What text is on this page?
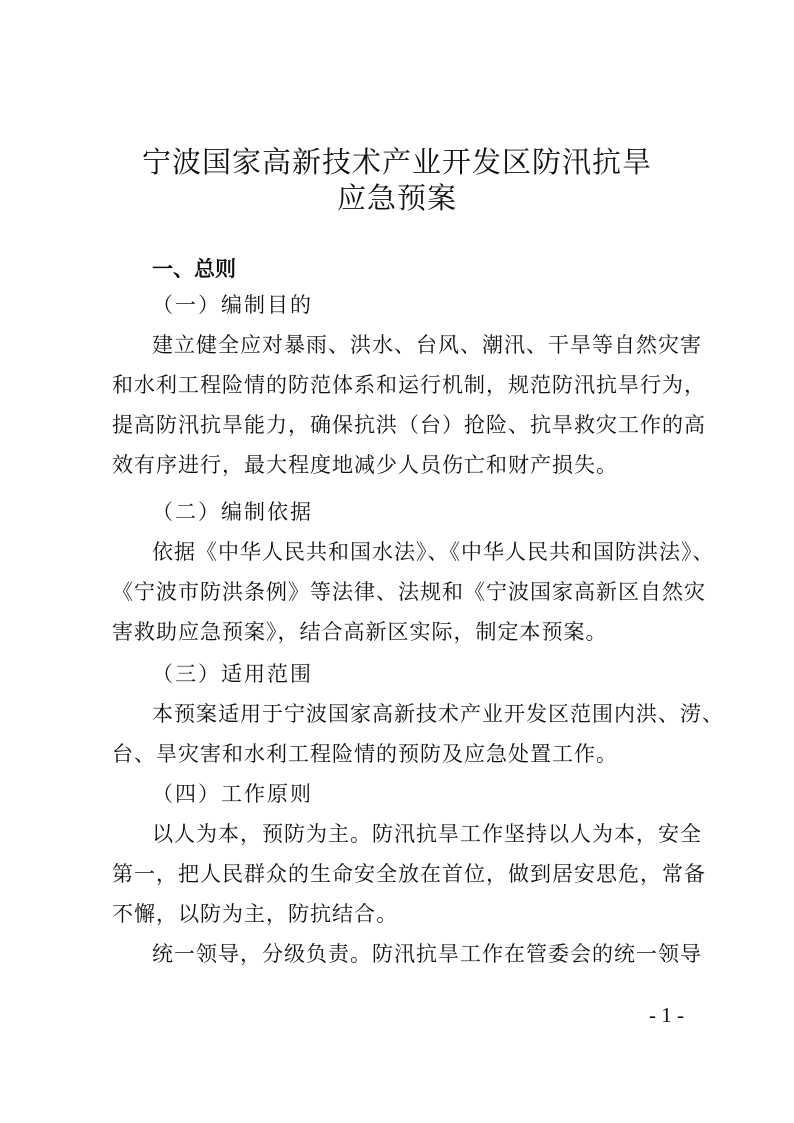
宁波国家高新技术产业开发区防汛抗旱
应急预案
一、总则
（一）编制目的
建立健全应对暴雨、洪水、台风、潮汛、干旱等自然灾害
和水利工程险情的防范体系和运行机制，规范防汛抗旱行为，
提高防汛抗旱能力，确保抗洪（台）抢险、抗旱救灾工作的高
效有序进行，最大程度地减少人员伤亡和财产损失。
（二）编制依据
依据《中华人民共和国水法》、《中华人民共和国防洪法》、
《宁波市防洪条例》等法律、法规和《宁波国家高新区自然灾
害救助应急预案》，结合高新区实际，制定本预案。
（三）适用范围
本预案适用于宁波国家高新技术产业开发区范围内洪、涝、
台、旱灾害和水利工程险情的预防及应急处置工作。
（四）工作原则
以人为本，预防为主。防汛抗旱工作坚持以人为本，安全
第一，把人民群众的生命安全放在首位，做到居安思危，常备
不懈，以防为主，防抗结合。
统一领导，分级负责。防汛抗旱工作在管委会的统一领导
- 1 -
